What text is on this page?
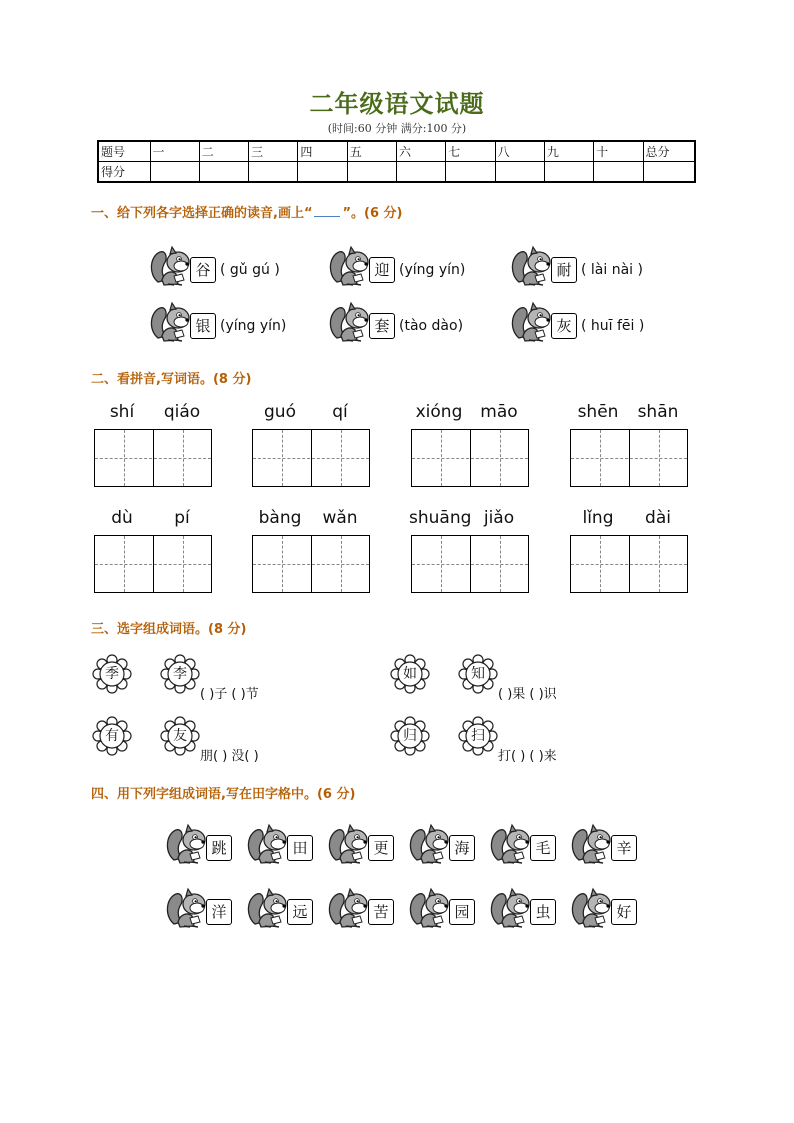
二年级语文试题
(时间:60 分钟 满分:100 分)
题号	一	二	三	四	五	六	七	八	九	十	总分
得分											
一、给下列各字选择正确的读音,画上“ ”。(6 分)
谷 ( gǔ gú )	迎 (yíng yín)	耐 ( lài nài )
银 (yíng yín)	套 (tào dào)	灰 ( huī fēi )
二、看拼音,写词语。(8 分)
shí qiáo	guó qí	xióng māo	shēn shān
dù pí	bàng wǎn	shuāng jiǎo	lǐng dài
三、选字组成词语。(8 分)
季	李
( )子 ( )节
如	知
( )果 ( )识
有	友
朋( ) 没( )
归	扫
打( ) ( )来
四、用下列字组成词语,写在田字格中。(6 分)
跳	田	更	海	毛	辛
洋	远	苦	园	虫	好
